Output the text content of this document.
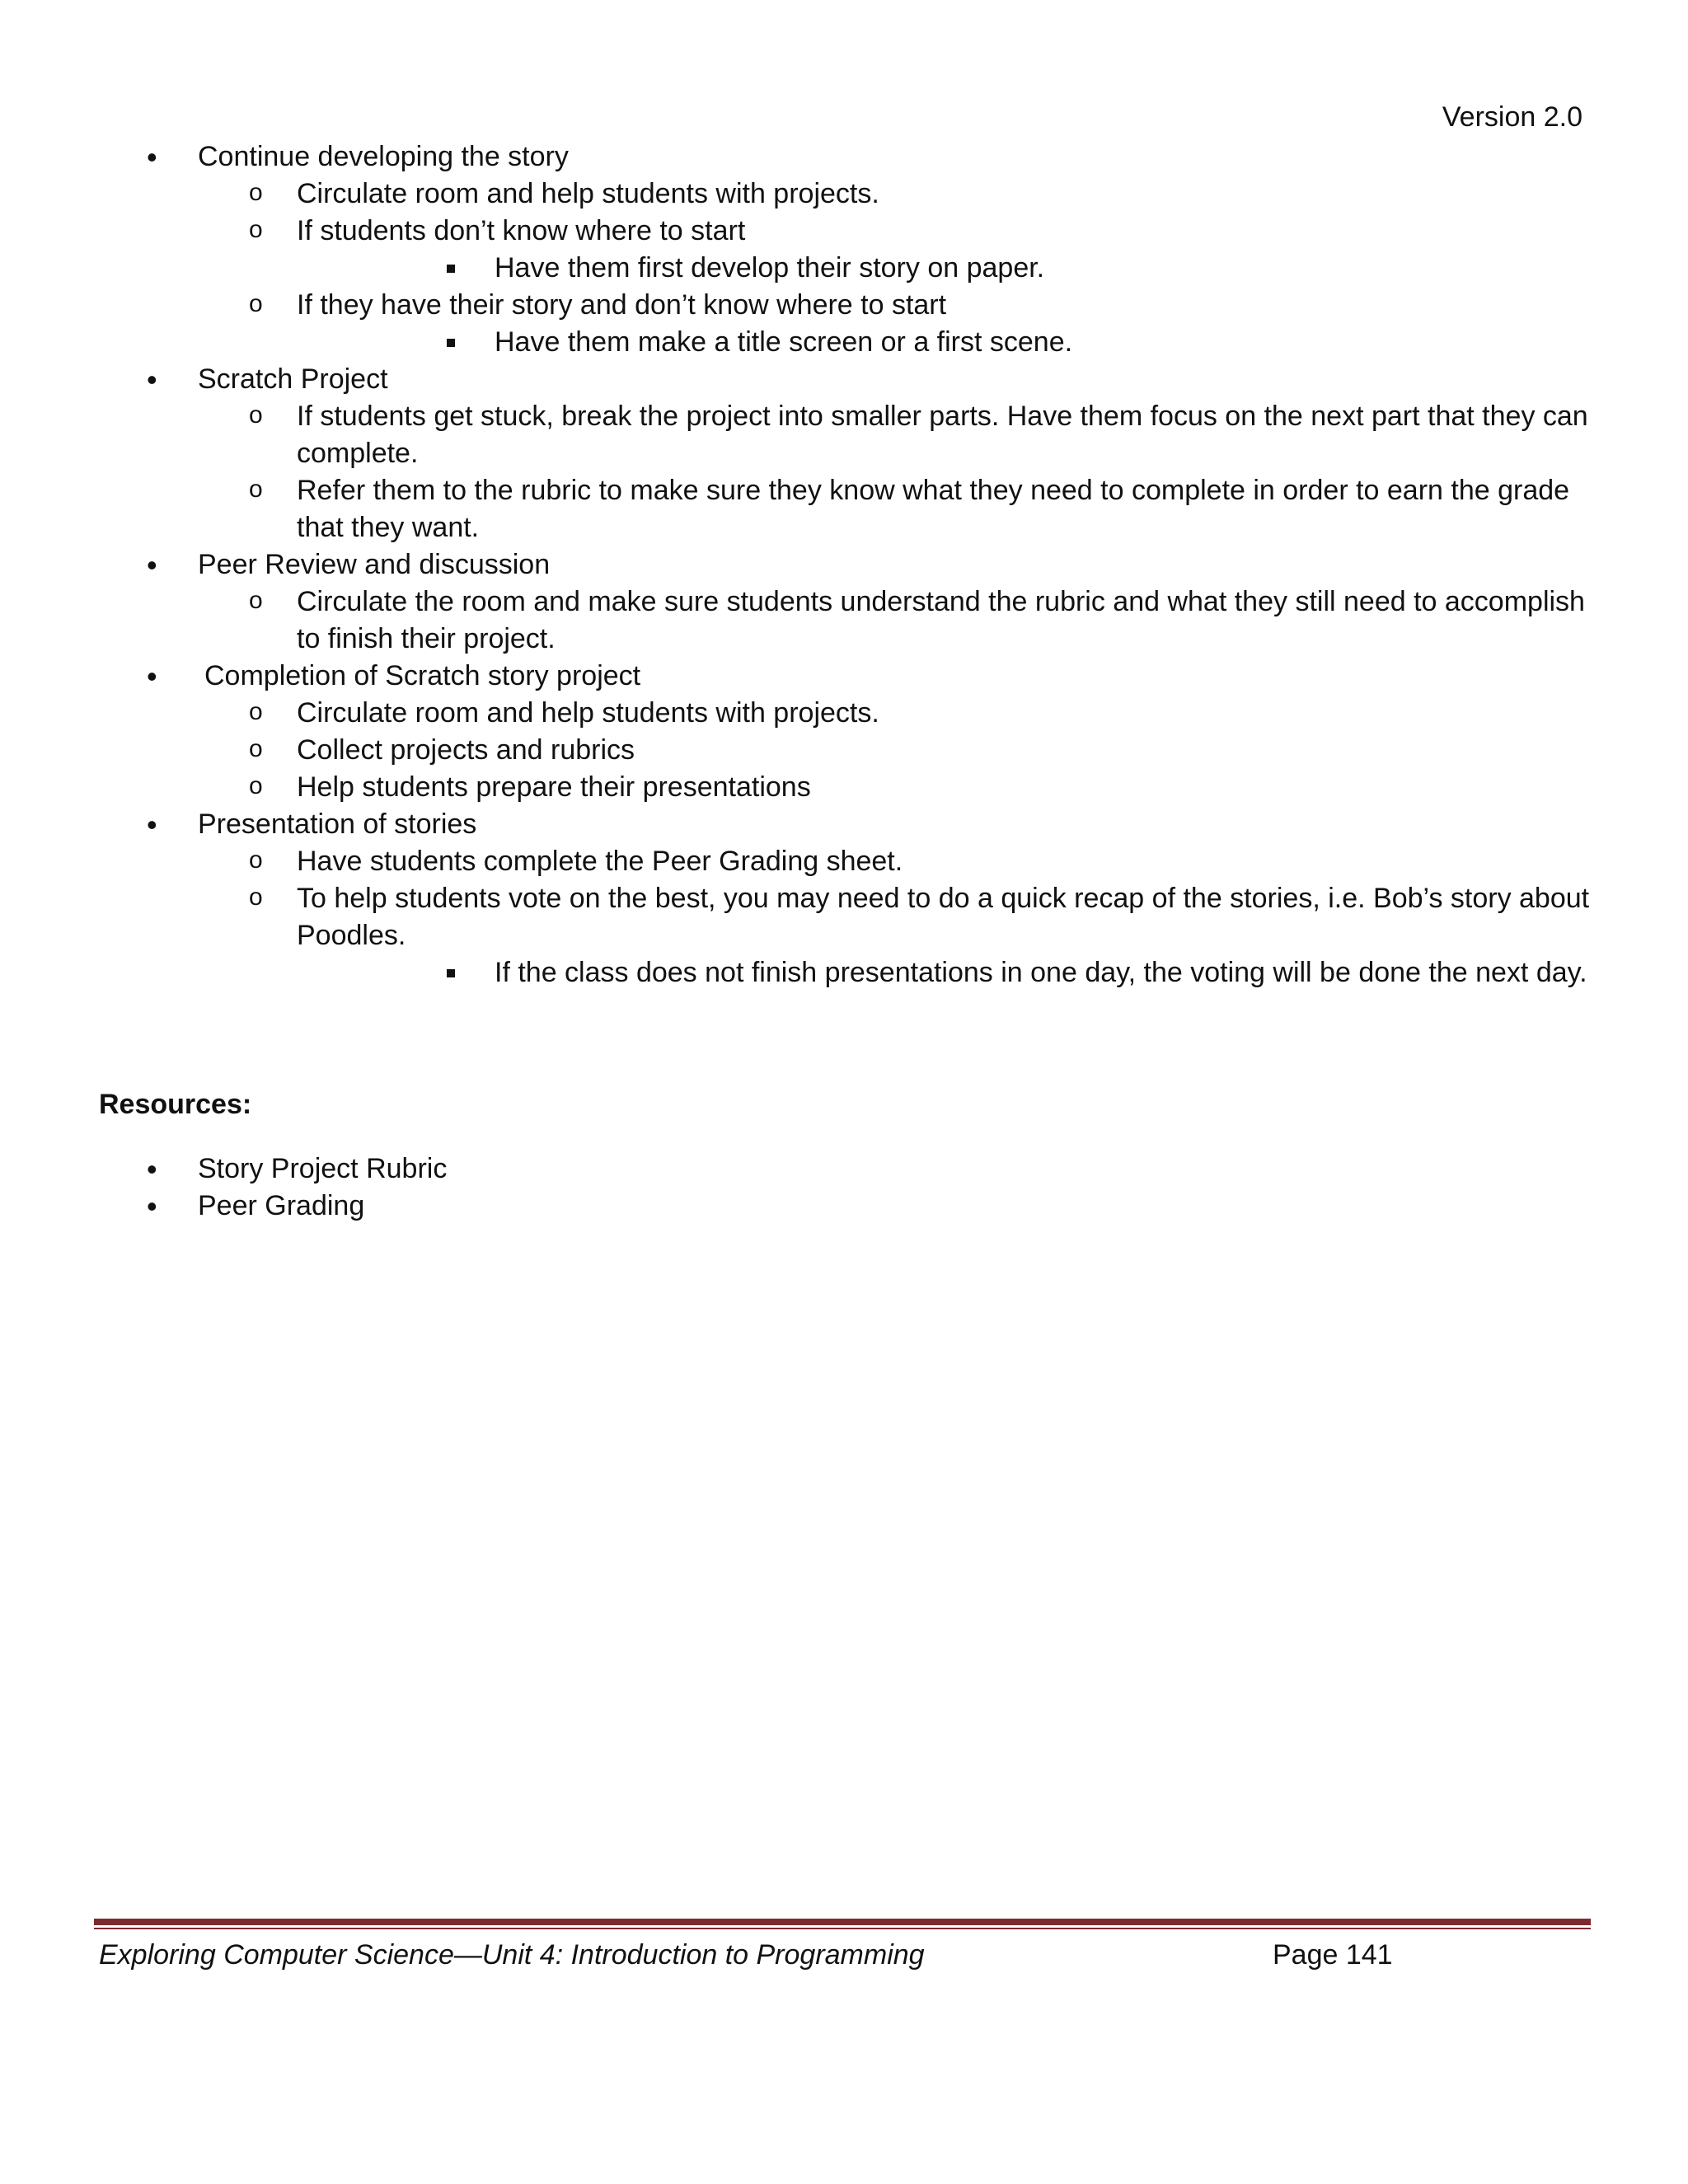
Version 2.0
• Continue developing the story
o Circulate room and help students with projects.
o If students don’t know where to start
Have them first develop their story on paper.
o If they have their story and don’t know where to start
Have them make a title screen or a first scene.
• Scratch Project
o If students get stuck, break the project into smaller parts. Have them focus on the next part that they can complete.
o Refer them to the rubric to make sure they know what they need to complete in order to earn the grade that they want.
• Peer Review and discussion
o Circulate the room and make sure students understand the rubric and what they still need to accomplish to finish their project.
• Completion of Scratch story project
o Circulate room and help students with projects.
o Collect projects and rubrics
o Help students prepare their presentations
• Presentation of stories
o Have students complete the Peer Grading sheet.
o To help students vote on the best, you may need to do a quick recap of the stories, i.e. Bob’s story about Poodles.
If the class does not finish presentations in one day, the voting will be done the next day.
Resources:
• Story Project Rubric
• Peer Grading
Exploring Computer Science—Unit 4: Introduction to Programming	Page 141
